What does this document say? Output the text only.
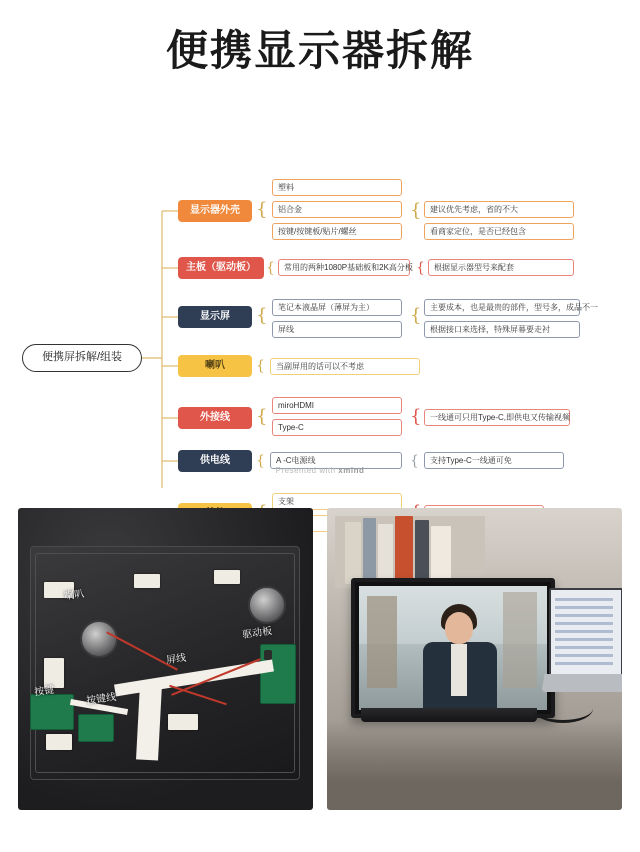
便携显示器拆解
便携屏拆解/组装
显示器外壳 {
塑料
铝合金
按键/按键板/贴片/螺丝
{	建议优先考虑，省的不大
看商家定位，是否已经包含
主板（驱动板） {	常用的两种1080P基础板和2K高分板 {	根据显示器型号来配套
显示屏	{	笔记本液晶屏（薄屏为主）
屏线
{	主要成本，也是最贵的部件，型号多，成品不一
根据接口来选择，特殊屏幕要走衬
喇叭	{	当副屏用的话可以不考虑
外接线	{
miroHDMI
Type-C
{	一线通可只用Type-C,即供电又传输视频
供电线	{	A -C电源线	{	支持Type-C一线通可免
支架
Presented with xmind
喇叭
驱动板
屏线
按键
按键线
